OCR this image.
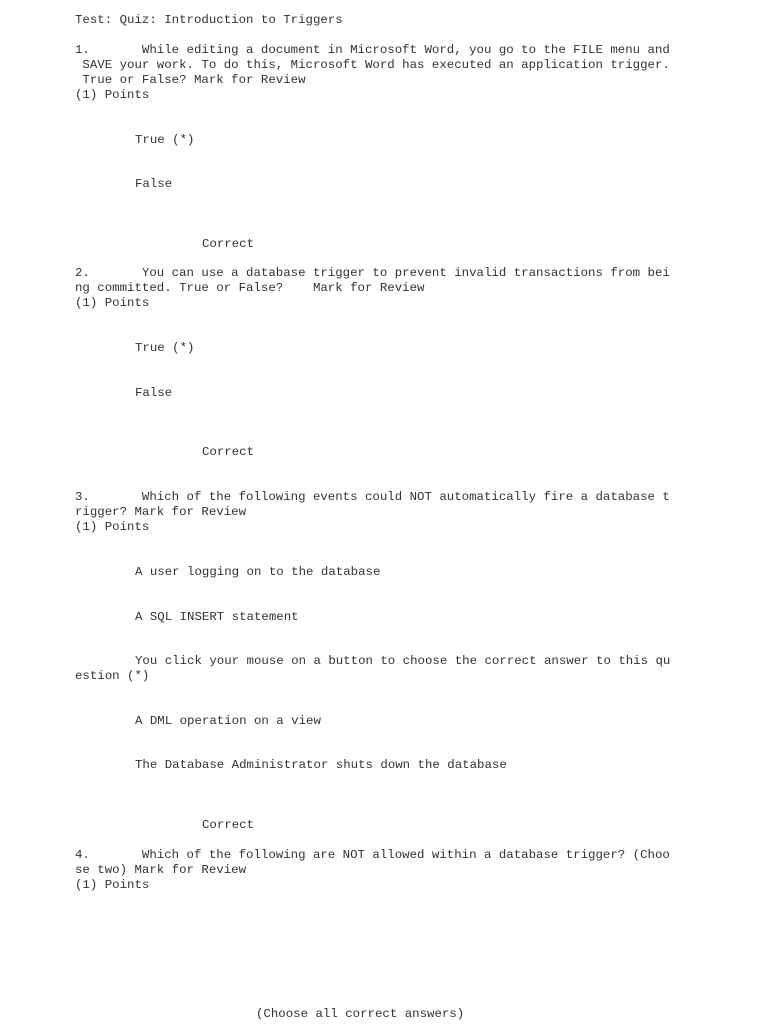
Test: Quiz: Introduction to Triggers
1.       While editing a document in Microsoft Word, you go to the FILE menu and
SAVE your work. To do this, Microsoft Word has executed an application trigger.
True or False? Mark for Review
(1) Points
True (*)
False
Correct
2.       You can use a database trigger to prevent invalid transactions from bei
ng committed. True or False?    Mark for Review
(1) Points
True (*)
False
Correct
3.       Which of the following events could NOT automatically fire a database t
rigger? Mark for Review
(1) Points
A user logging on to the database
A SQL INSERT statement
You click your mouse on a button to choose the correct answer to this qu
estion (*)
A DML operation on a view
The Database Administrator shuts down the database
Correct
4.       Which of the following are NOT allowed within a database trigger? (Choo
se two) Mark for Review
(1) Points
(Choose all correct answers)
